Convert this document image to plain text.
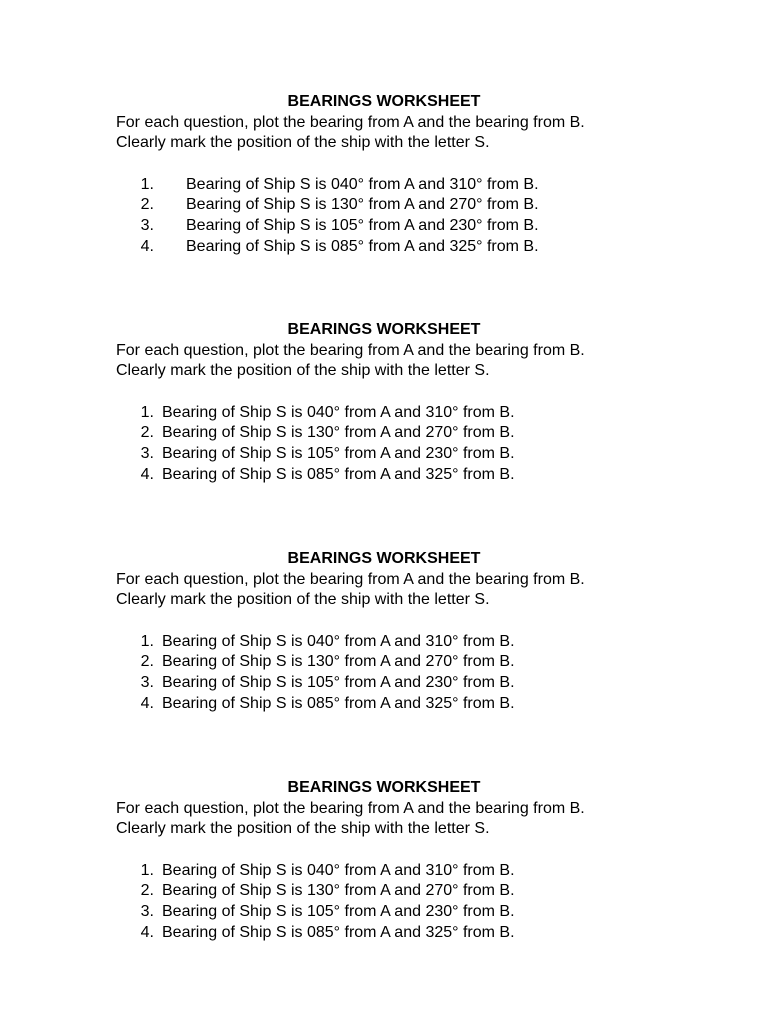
BEARINGS WORKSHEET

For each question, plot the bearing from A and the bearing from B.

Clearly mark the position of the ship with the letter S.

1. Bearing of Ship S is 040° from A and 310° from B.
2. Bearing of Ship S is 130° from A and 270° from B.
3. Bearing of Ship S is 105° from A and 230° from B.
4. Bearing of Ship S is 085° from A and 325° from B.
BEARINGS WORKSHEET

For each question, plot the bearing from A and the bearing from B.

Clearly mark the position of the ship with the letter S.

1. Bearing of Ship S is 040° from A and 310° from B.
2. Bearing of Ship S is 130° from A and 270° from B.
3. Bearing of Ship S is 105° from A and 230° from B.
4. Bearing of Ship S is 085° from A and 325° from B.
BEARINGS WORKSHEET

For each question, plot the bearing from A and the bearing from B.

Clearly mark the position of the ship with the letter S.

1. Bearing of Ship S is 040° from A and 310° from B.
2. Bearing of Ship S is 130° from A and 270° from B.
3. Bearing of Ship S is 105° from A and 230° from B.
4. Bearing of Ship S is 085° from A and 325° from B.
BEARINGS WORKSHEET

For each question, plot the bearing from A and the bearing from B.

Clearly mark the position of the ship with the letter S.

1. Bearing of Ship S is 040° from A and 310° from B.
2. Bearing of Ship S is 130° from A and 270° from B.
3. Bearing of Ship S is 105° from A and 230° from B.
4. Bearing of Ship S is 085° from A and 325° from B.
